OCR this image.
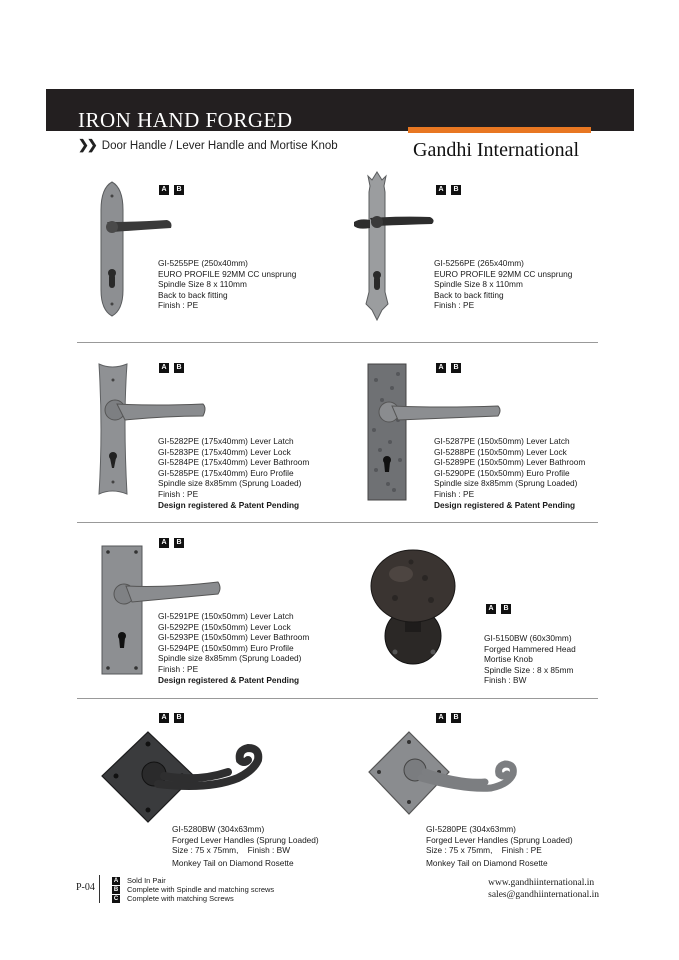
IRON HAND FORGED
❯❯ Door Handle / Lever Handle and Mortise Knob	Gandhi International
A	B	A	B
A	B	A	B
A	B
A	B
A	B	A	B
GI-5255PE (250x40mm)
EURO PROFILE 92MM CC unsprung
Spindle Size 8 x 110mm
Back to back fitting
Finish : PE
GI-5256PE (265x40mm)
EURO PROFILE 92MM CC unsprung
Spindle Size 8 x 110mm
Back to back fitting
Finish : PE
GI-5282PE (175x40mm) Lever Latch
GI-5283PE (175x40mm) Lever Lock
GI-5284PE (175x40mm) Lever Bathroom
GI-5285PE (175x40mm) Euro Profile
Spindle size 8x85mm (Sprung Loaded)
Finish : PE
Design registered & Patent Pending
GI-5287PE (150x50mm) Lever Latch
GI-5288PE (150x50mm) Lever Lock
GI-5289PE (150x50mm) Lever Bathroom
GI-5290PE (150x50mm) Euro Profile
Spindle size 8x85mm (Sprung Loaded)
Finish : PE
Design registered & Patent Pending
GI-5291PE (150x50mm) Lever Latch
GI-5292PE (150x50mm) Lever Lock
GI-5293PE (150x50mm) Lever Bathroom
GI-5294PE (150x50mm) Euro Profile
Spindle size 8x85mm (Sprung Loaded)
Finish : PE
Design registered & Patent Pending
GI-5150BW (60x30mm)
Forged Hammered Head
Mortise Knob
Spindle Size : 8 x 85mm
Finish : BW
GI-5280BW (304x63mm)
Forged Lever Handles (Sprung Loaded)
Size : 75 x 75mm,    Finish : BW
Monkey Tail on Diamond Rosette
GI-5280PE (304x63mm)
Forged Lever Handles (Sprung Loaded)
Size : 75 x 75mm,    Finish : PE
Monkey Tail on Diamond Rosette
P-04
A Sold In Pair
B Complete with Spindle and matching screws
C Complete with matching Screws
www.gandhiinternational.in
sales@gandhiinternational.in
